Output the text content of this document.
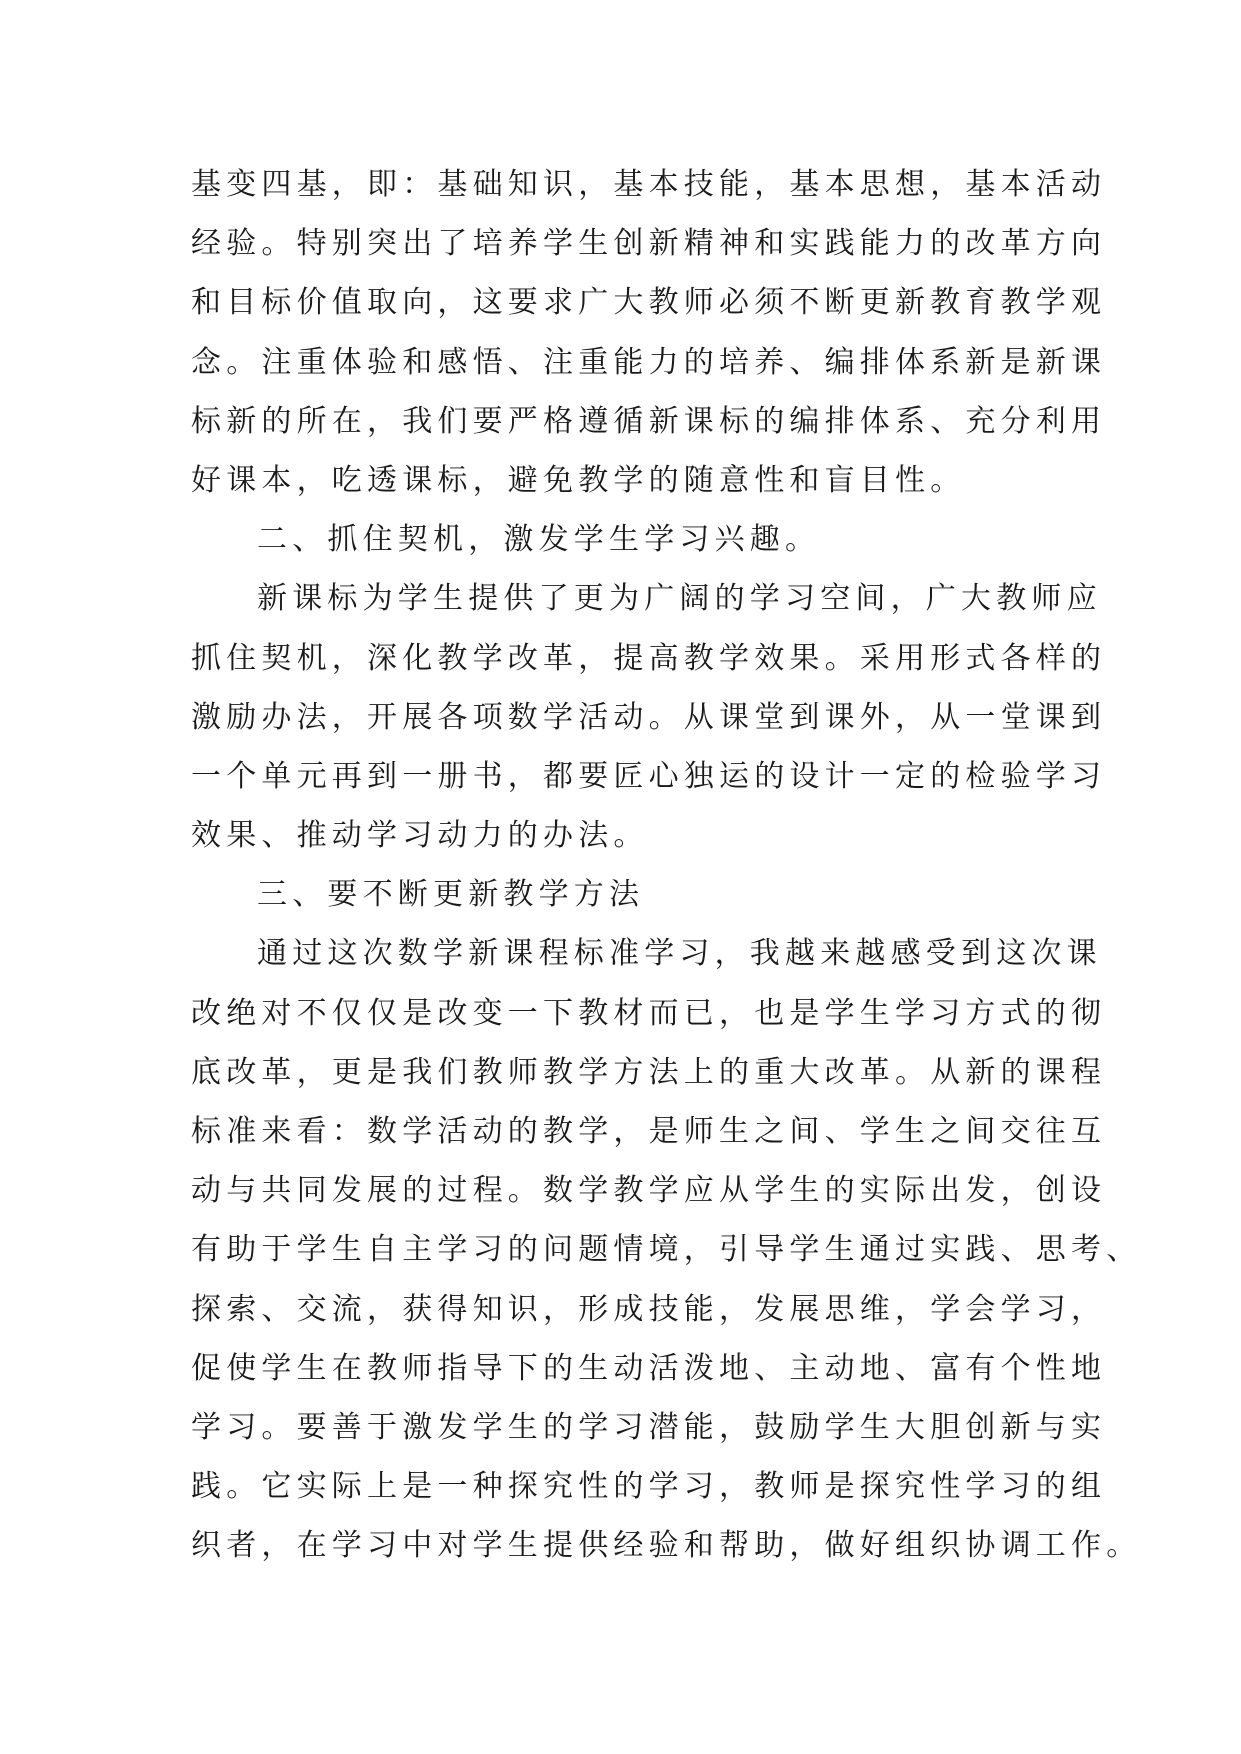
基变四基，即：基础知识，基本技能，基本思想，基本活动
经验。特别突出了培养学生创新精神和实践能力的改革方向
和目标价值取向，这要求广大教师必须不断更新教育教学观
念。注重体验和感悟、注重能力的培养、编排体系新是新课
标新的所在，我们要严格遵循新课标的编排体系、充分利用
好课本，吃透课标，避免教学的随意性和盲目性。
二、抓住契机，激发学生学习兴趣。
新课标为学生提供了更为广阔的学习空间，广大教师应
抓住契机，深化教学改革，提高教学效果。采用形式各样的
激励办法，开展各项数学活动。从课堂到课外，从一堂课到
一个单元再到一册书，都要匠心独运的设计一定的检验学习
效果、推动学习动力的办法。
三、要不断更新教学方法
通过这次数学新课程标准学习，我越来越感受到这次课
改绝对不仅仅是改变一下教材而已，也是学生学习方式的彻
底改革，更是我们教师教学方法上的重大改革。从新的课程
标准来看：数学活动的教学，是师生之间、学生之间交往互
动与共同发展的过程。数学教学应从学生的实际出发，创设
有助于学生自主学习的问题情境，引导学生通过实践、思考、
探索、交流，获得知识，形成技能，发展思维，学会学习，
促使学生在教师指导下的生动活泼地、主动地、富有个性地
学习。要善于激发学生的学习潜能，鼓励学生大胆创新与实
践。它实际上是一种探究性的学习，教师是探究性学习的组
织者，在学习中对学生提供经验和帮助，做好组织协调工作。
